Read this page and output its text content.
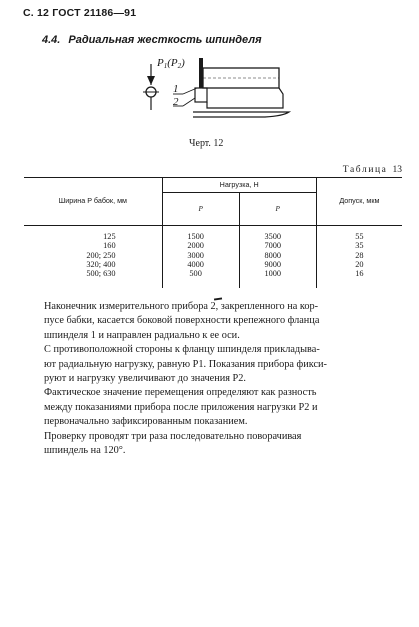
С. 12 ГОСТ 21186—91
4.4. Радиальная жесткость шпинделя
P1(P2)
1
2
Черт. 12
Таблица 13
Ширина P бабок, мм	Нагрузка, Н		Допуск, мкм
	P	P	
125	1500	3500	55
160	2000	7000	35
200; 250	3000	8000	28
320; 400	4000	9000	20
500; 630	500	1000	16

Наконечник измерительного прибора 2, закрепленного на кор-
пусе бабки, касается боковой поверхности крепежного фланца
шпинделя 1 и направлен радиально к ее оси.

С противоположной стороны к фланцу шпинделя прикладыва-
ют радиальную нагрузку, равную P1. Показания прибора фикси-
руют и нагрузку увеличивают до значения P2.

Фактическое значение перемещения определяют как разность
между показаниями прибора после приложения нагрузки P2 и
первоначально зафиксированным показанием.

Проверку проводят три раза последовательно поворачивая
шпиндель на 120°.
